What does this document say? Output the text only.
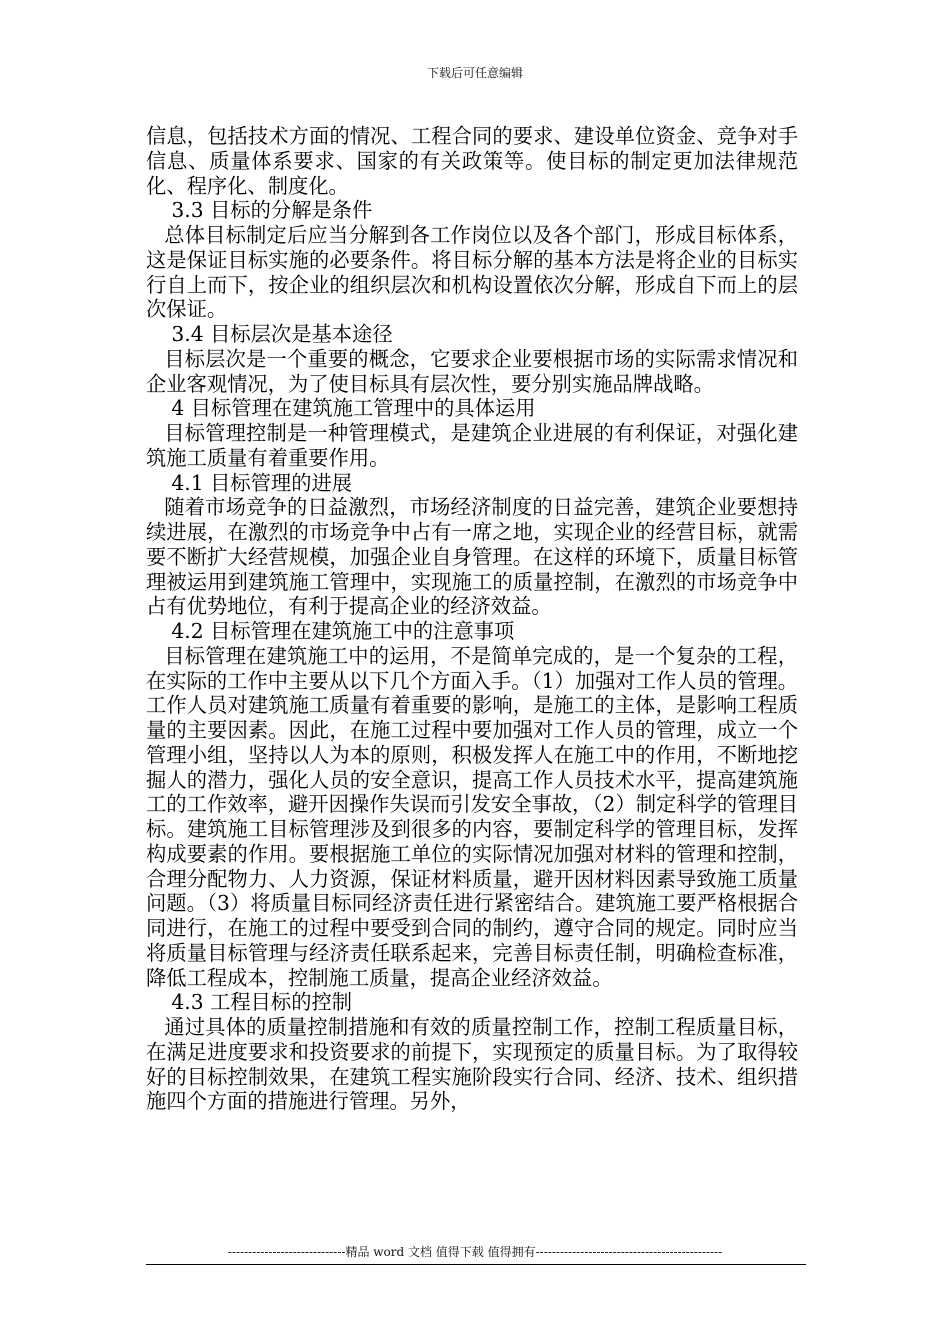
下载后可任意编辑

信息，包括技术方面的情况、工程合同的要求、建设单位资金、竞争对手信息、质量体系要求、国家的有关政策等。使目标的制定更加法律规范化、程序化、制度化。

3.3 目标的分解是条件

总体目标制定后应当分解到各工作岗位以及各个部门，形成目标体系，这是保证目标实施的必要条件。将目标分解的基本方法是将企业的目标实行自上而下，按企业的组织层次和机构设置依次分解，形成自下而上的层次保证。

3.4 目标层次是基本途径

目标层次是一个重要的概念，它要求企业要根据市场的实际需求情况和企业客观情况，为了使目标具有层次性，要分别实施品牌战略。

4 目标管理在建筑施工管理中的具体运用

目标管理控制是一种管理模式，是建筑企业进展的有利保证，对强化建筑施工质量有着重要作用。

4.1 目标管理的进展

随着市场竞争的日益激烈，市场经济制度的日益完善，建筑企业要想持续进展，在激烈的市场竞争中占有一席之地，实现企业的经营目标，就需要不断扩大经营规模，加强企业自身管理。在这样的环境下，质量目标管理被运用到建筑施工管理中，实现施工的质量控制，在激烈的市场竞争中占有优势地位，有利于提高企业的经济效益。

4.2 目标管理在建筑施工中的注意事项

目标管理在建筑施工中的运用，不是简单完成的，是一个复杂的工程，在实际的工作中主要从以下几个方面入手。（1）加强对工作人员的管理。工作人员对建筑施工质量有着重要的影响，是施工的主体，是影响工程质量的主要因素。因此，在施工过程中要加强对工作人员的管理，成立一个管理小组，坚持以人为本的原则，积极发挥人在施工中的作用，不断地挖掘人的潜力，强化人员的安全意识，提高工作人员技术水平，提高建筑施工的工作效率，避开因操作失误而引发安全事故，（2）制定科学的管理目标。建筑施工目标管理涉及到很多的内容，要制定科学的管理目标，发挥构成要素的作用。要根据施工单位的实际情况加强对材料的管理和控制，合理分配物力、人力资源，保证材料质量，避开因材料因素导致施工质量问题。（3）将质量目标同经济责任进行紧密结合。建筑施工要严格根据合同进行，在施工的过程中要受到合同的制约，遵守合同的规定。同时应当将质量目标管理与经济责任联系起来，完善目标责任制，明确检查标准，降低工程成本，控制施工质量，提高企业经济效益。

4.3 工程目标的控制

通过具体的质量控制措施和有效的质量控制工作，控制工程质量目标，在满足进度要求和投资要求的前提下，实现预定的质量目标。为了取得较好的目标控制效果，在建筑工程实施阶段实行合同、经济、技术、组织措施四个方面的措施进行管理。另外，

-----------------------------精品 word 文档 值得下载 值得拥有----------------------------------------------
